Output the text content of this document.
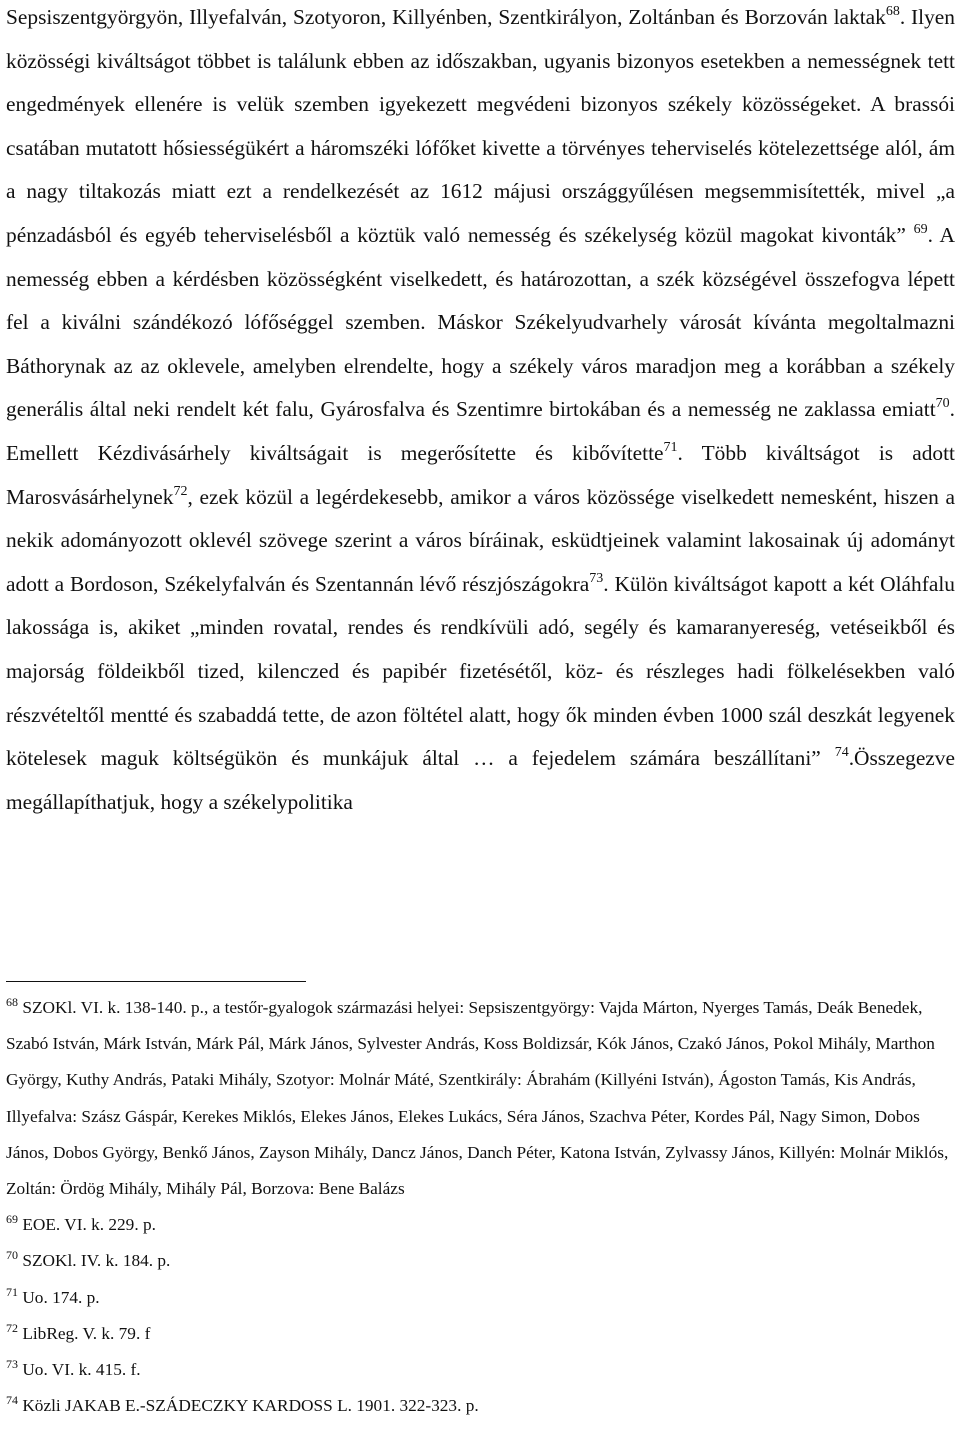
Sepsiszentgyörgyön, Illyefalván, Szotyoron, Killyénben, Szentkirályon, Zoltánban és Borzován laktak$^{68}$. Ilyen közösségi kiváltságot többet is találunk ebben az időszakban, ugyanis bizonyos esetekben a nemességnek tett engedmények ellenére is velük szemben igyekezett megvédeni bizonyos székely közösségeket. A brassói csatában mutatott hősiességükért a háromszéki lófőket kivette a törvényes teherviselés kötelezettsége alól, ám a nagy tiltakozás miatt ezt a rendelkezését az 1612 májusi országgyűlésen megsemmisítették, mivel „a pénzadásból és egyéb teherviselésből a köztük való nemesség és székelység közül magokat kivonták” $^{69}$. A nemesség ebben a kérdésben közösségként viselkedett, és határozottan, a szék községével összefogva lépett fel a kiválni szándékozó lófőséggel szemben. Máskor Székelyudvarhely városát kívánta megoltalmazni Báthorynak az az oklevele, amelyben elrendelte, hogy a székely város maradjon meg a korábban a székely generális által neki rendelt két falu, Gyárosfalva és Szentimre birtokában és a nemesség ne zaklassa emiatt$^{70}$. Emellett Kézdivásárhely kiváltságait is megerősítette és kibővítette$^{71}$. Több kiváltságot is adott Marosvásárhelynek$^{72}$, ezek közül a legérdekesebb, amikor a város közössége viselkedett nemesként, hiszen a nekik adományozott oklevél szövege szerint a város bíráinak, esküdtjeinek valamint lakosainak új adományt adott a Bordoson, Székelyfalván és Szentannán lévő részjószágokra$^{73}$. Külön kiváltságot kapott a két Oláhfalu lakossága is, akiket „minden rovatal, rendes és rendkívüli adó, segély és kamaranyereség, vetéseikből és majorság földeikből tized, kilenczed és papibér fizetésétől, köz- és részleges hadi fölkelésekben való részvételtől mentté és szabaddá tette, de azon föltétel alatt, hogy ők minden évben 1000 szál deszkát legyenek kötelesek maguk költségükön és munkájuk által … a fejedelem számára beszállítani” $^{74}$.Összegezve megállapíthatjuk, hogy a székelypolitika

$^{68}$ SZOKl. VI. k. 138-140. p., a testőr-gyalogok származási helyei: Sepsiszentgyörgy: Vajda Márton, Nyerges Tamás, Deák Benedek, Szabó István, Márk István, Márk Pál, Márk János, Sylvester András, Koss Boldizsár, Kók János, Czakó János, Pokol Mihály, Marthon György, Kuthy András, Pataki Mihály, Szotyor: Molnár Máté, Szentkirály: Ábrahám (Killyéni István), Ágoston Tamás, Kis András, Illyefalva: Szász Gáspár, Kerekes Miklós, Elekes János, Elekes Lukács, Séra János, Szachva Péter, Kordes Pál, Nagy Simon, Dobos János, Dobos György, Benkő János, Zayson Mihály, Dancz János, Danch Péter, Katona István, Zylvassy János, Killyén: Molnár Miklós, Zoltán: Ördög Mihály, Mihály Pál, Borzova: Bene Balázs

$^{69}$ EOE. VI. k. 229. p.

$^{70}$ SZOKl. IV. k. 184. p.

$^{71}$ Uo. 174. p.

$^{72}$ LibReg. V. k. 79. f

$^{73}$ Uo. VI. k. 415. f.

$^{74}$ Közli JAKAB E.-SZÁDECZKY KARDOSS L. 1901. 322-323. p.
